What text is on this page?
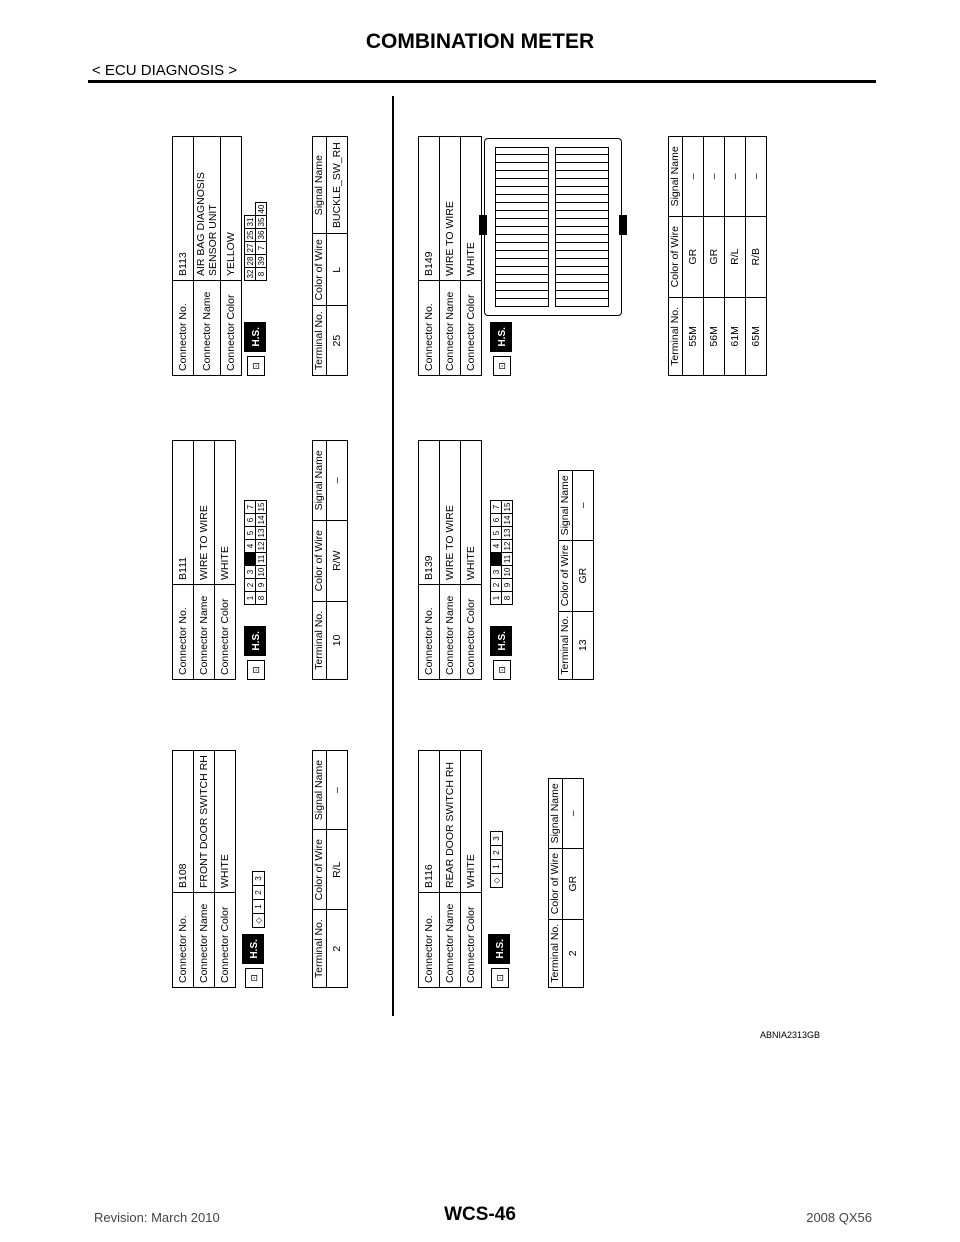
COMBINATION METER
< ECU DIAGNOSIS >
Connector No.	B108
Connector Name	FRONT DOOR SWITCH RH
Connector Color	WHITE
⊡ H.S.
◇	1	2	3
Terminal No.	Color of Wire	Signal Name
2	R/L	–
Connector No.	B111
Connector Name	WIRE TO WIRE
Connector Color	WHITE
⊡ H.S.
1	2	3		4	5	6	7
8	9	10	11	12	13	14	15
Terminal No.	Color of Wire	Signal Name
10	R/W	–
Connector No.	B113
Connector Name	AIR BAG DIAGNOSIS SENSOR UNIT
Connector Color	YELLOW
⊡ H.S.
32	28	27	25	31	
8	39	7	36	35	40
Terminal No.	Color of Wire	Signal Name
25	L	BUCKLE_SW_RH
Connector No.	B116
Connector Name	REAR DOOR SWITCH RH
Connector Color	WHITE
⊡ H.S.
◇	1	2	3
Terminal No.	Color of Wire	Signal Name
2	GR	–
Connector No.	B139
Connector Name	WIRE TO WIRE
Connector Color	WHITE
⊡ H.S.
1	2	3		4	5	6	7
8	9	10	11	12	13	14	15
Terminal No.	Color of Wire	Signal Name
13	GR	–
Connector No.	B149
Connector Name	WIRE TO WIRE
Connector Color	WHITE
⊡ H.S.	Terminal No.	Color of Wire	Signal Name
55M	GR	–
56M	GR	–
61M	R/L	–
65M	R/B	–
ABNIA2313GB
WCS-46
Revision: March 2010	2008 QX56
